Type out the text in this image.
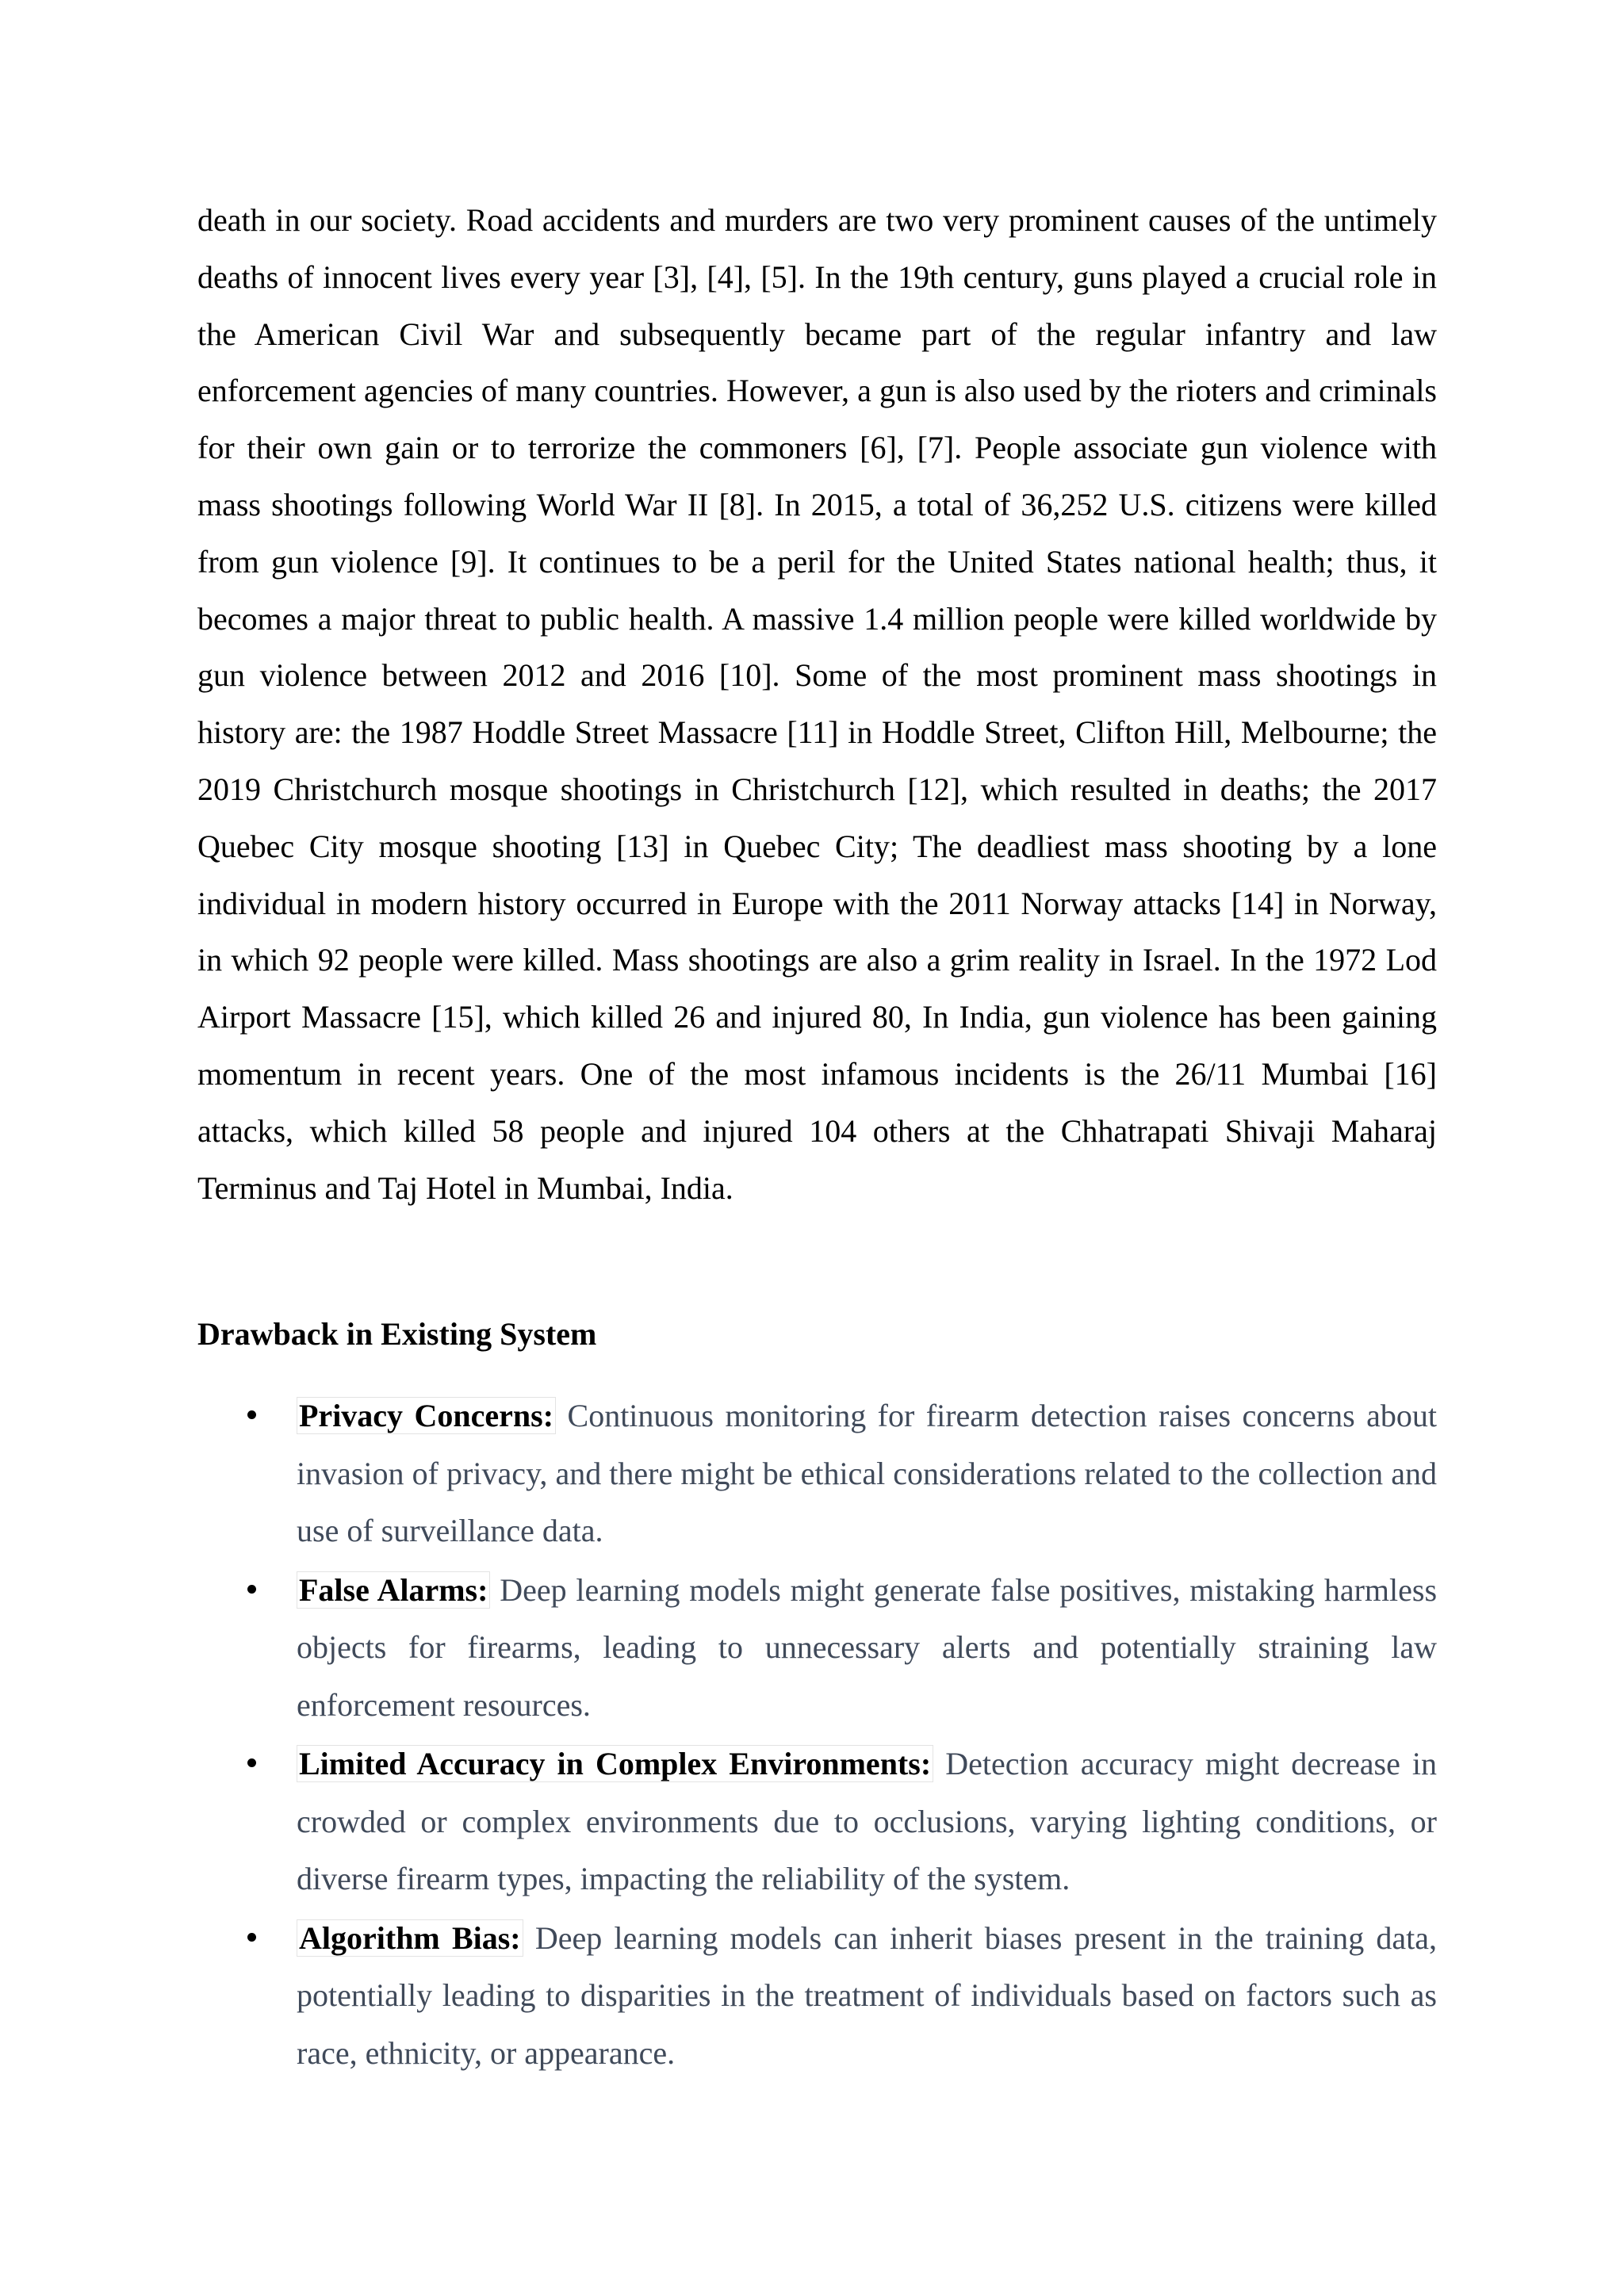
death in our society. Road accidents and murders are two very prominent causes of the untimely deaths of innocent lives every year [3], [4], [5]. In the 19th century, guns played a crucial role in the American Civil War and subsequently became part of the regular infantry and law enforcement agencies of many countries. However, a gun is also used by the rioters and criminals for their own gain or to terrorize the commoners [6], [7]. People associate gun violence with mass shootings following World War II [8]. In 2015, a total of 36,252 U.S. citizens were killed from gun violence [9]. It continues to be a peril for the United States national health; thus, it becomes a major threat to public health. A massive 1.4 million people were killed worldwide by gun violence between 2012 and 2016 [10]. Some of the most prominent mass shootings in history are: the 1987 Hoddle Street Massacre [11] in Hoddle Street, Clifton Hill, Melbourne; the 2019 Christchurch mosque shootings in Christchurch [12], which resulted in deaths; the 2017 Quebec City mosque shooting [13] in Quebec City; The deadliest mass shooting by a lone individual in modern history occurred in Europe with the 2011 Norway attacks [14] in Norway, in which 92 people were killed. Mass shootings are also a grim reality in Israel. In the 1972 Lod Airport Massacre [15], which killed 26 and injured 80, In India, gun violence has been gaining momentum in recent years. One of the most infamous incidents is the 26/11 Mumbai [16] attacks, which killed 58 people and injured 104 others at the Chhatrapati Shivaji Maharaj Terminus and Taj Hotel in Mumbai, India.

Drawback in Existing System
Privacy Concerns: Continuous monitoring for firearm detection raises concerns about invasion of privacy, and there might be ethical considerations related to the collection and use of surveillance data.
False Alarms: Deep learning models might generate false positives, mistaking harmless objects for firearms, leading to unnecessary alerts and potentially straining law enforcement resources.
Limited Accuracy in Complex Environments: Detection accuracy might decrease in crowded or complex environments due to occlusions, varying lighting conditions, or diverse firearm types, impacting the reliability of the system.
Algorithm Bias: Deep learning models can inherit biases present in the training data, potentially leading to disparities in the treatment of individuals based on factors such as race, ethnicity, or appearance.
